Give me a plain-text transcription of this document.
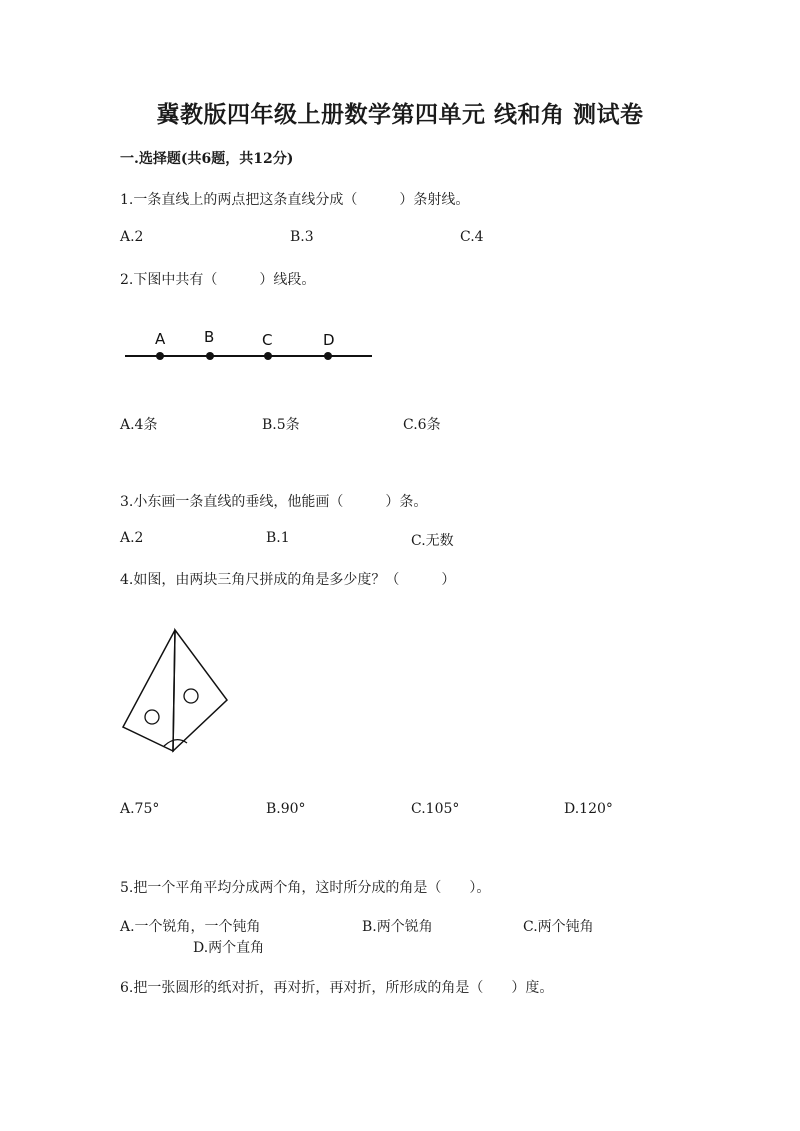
冀教版四年级上册数学第四单元 线和角 测试卷
一.选择题(共6题，共12分)
1.一条直线上的两点把这条直线分成（　　　）条射线。
A.2	B.3	C.4
2.下图中共有（　　　）线段。
A	B	C	D
A.4条	B.5条	C.6条
3.小东画一条直线的垂线，他能画（　　　）条。
A.2	B.1	C.无数
4.如图，由两块三角尺拼成的角是多少度？（　　　）
A.75°	B.90°	C.105°	D.120°
5.把一个平角平均分成两个角，这时所分成的角是（　　）。
A.一个锐角，一个钝角	B.两个锐角	C.两个钝角
D.两个直角
6.把一张圆形的纸对折，再对折，再对折，所形成的角是（　　）度。
